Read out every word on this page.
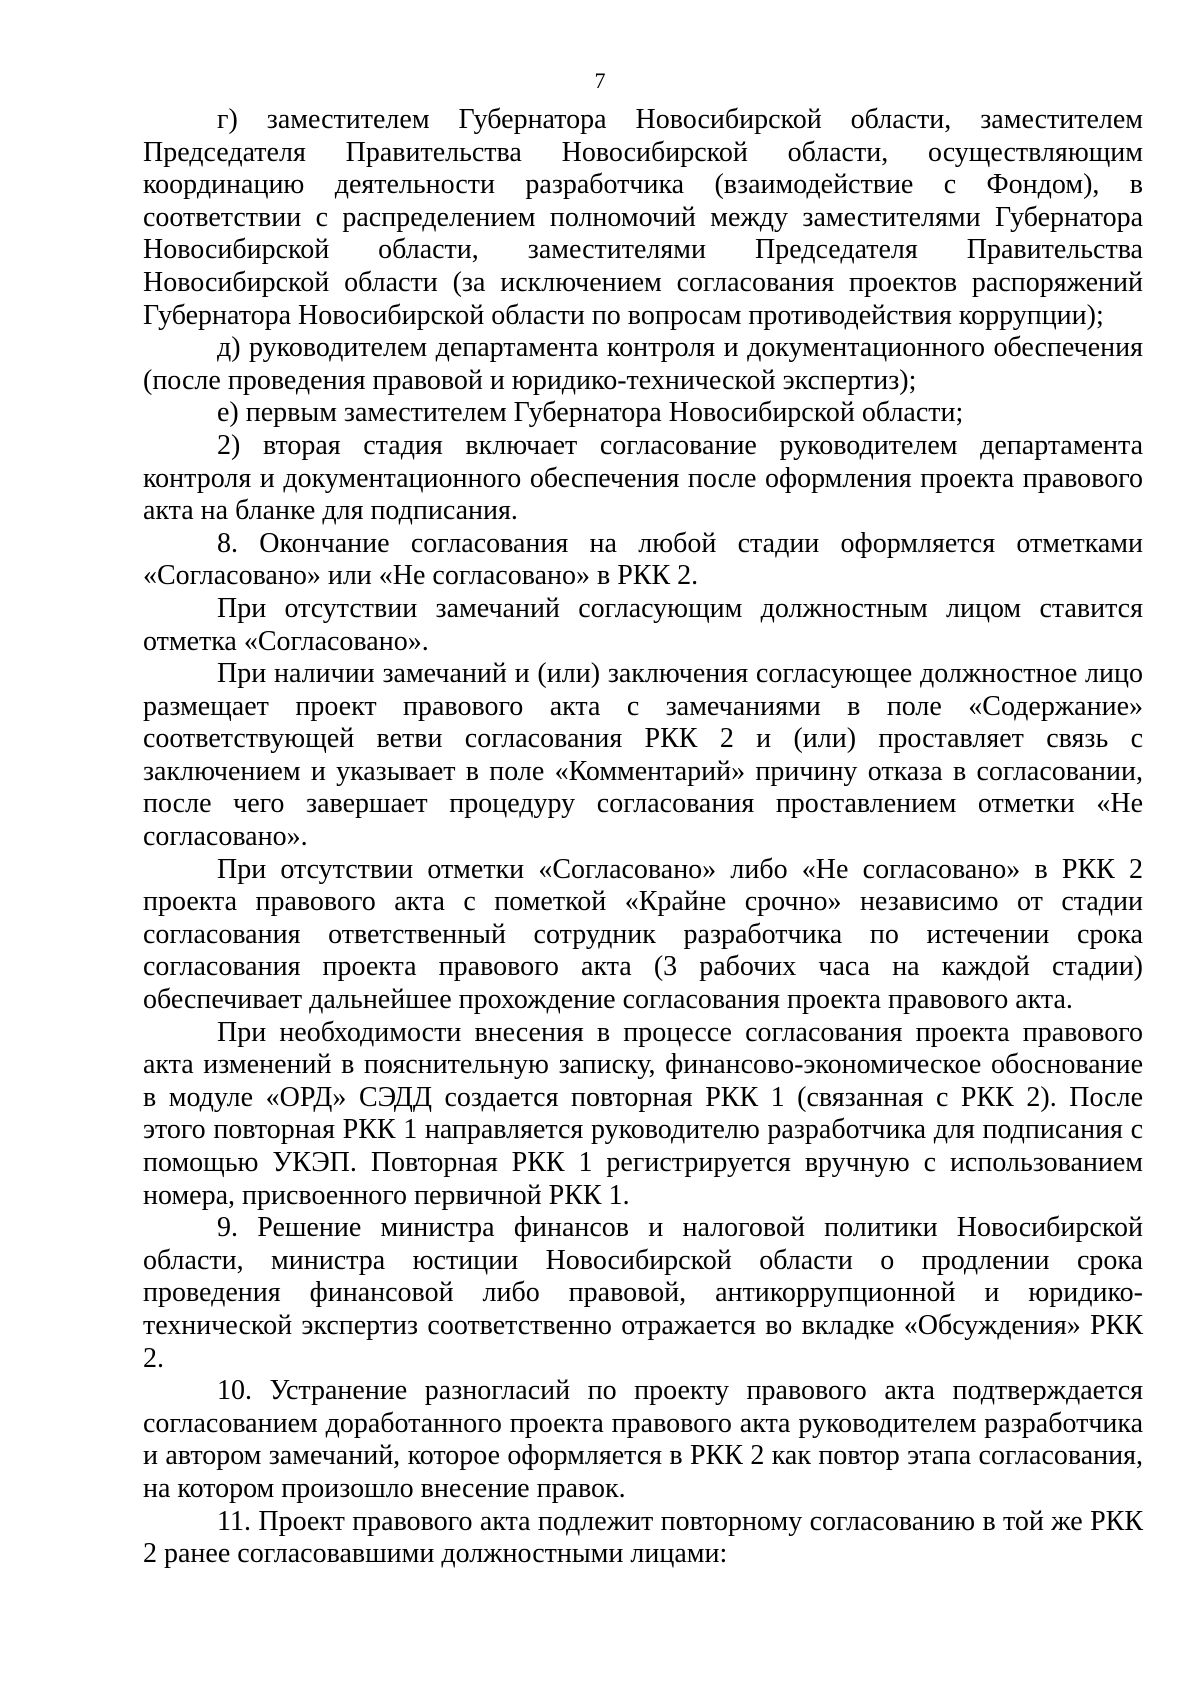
7

г) заместителем Губернатора Новосибирской области, заместителем Председателя Правительства Новосибирской области, осуществляющим координацию деятельности разработчика (взаимодействие с Фондом), в соответствии с распределением полномочий между заместителями Губернатора Новосибирской области, заместителями Председателя Правительства Новосибирской области (за исключением согласования проектов распоряжений Губернатора Новосибирской области по вопросам противодействия коррупции);

д) руководителем департамента контроля и документационного обеспечения (после проведения правовой и юридико-технической экспертиз);

е) первым заместителем Губернатора Новосибирской области;

2) вторая стадия включает согласование руководителем департамента контроля и документационного обеспечения после оформления проекта правового акта на бланке для подписания.

8. Окончание согласования на любой стадии оформляется отметками «Согласовано» или «Не согласовано» в РКК 2.

При отсутствии замечаний согласующим должностным лицом ставится отметка «Согласовано».

При наличии замечаний и (или) заключения согласующее должностное лицо размещает проект правового акта с замечаниями в поле «Содержание» соответствующей ветви согласования РКК 2 и (или) проставляет связь с заключением и указывает в поле «Комментарий» причину отказа в согласовании, после чего завершает процедуру согласования проставлением отметки «Не согласовано».

При отсутствии отметки «Согласовано» либо «Не согласовано» в РКК 2 проекта правового акта с пометкой «Крайне срочно» независимо от стадии согласования ответственный сотрудник разработчика по истечении срока согласования проекта правового акта (3 рабочих часа на каждой стадии) обеспечивает дальнейшее прохождение согласования проекта правового акта.

При необходимости внесения в процессе согласования проекта правового акта изменений в пояснительную записку, финансово-экономическое обоснование в модуле «ОРД» СЭДД создается повторная РКК 1 (связанная с РКК 2). После этого повторная РКК 1 направляется руководителю разработчика для подписания с помощью УКЭП. Повторная РКК 1 регистрируется вручную с использованием номера, присвоенного первичной РКК 1.

9. Решение министра финансов и налоговой политики Новосибирской области, министра юстиции Новосибирской области о продлении срока проведения финансовой либо правовой, антикоррупционной и юридико-технической экспертиз соответственно отражается во вкладке «Обсуждения» РКК 2.

10. Устранение разногласий по проекту правового акта подтверждается согласованием доработанного проекта правового акта руководителем разработчика и автором замечаний, которое оформляется в РКК 2 как повтор этапа согласования, на котором произошло внесение правок.

11. Проект правового акта подлежит повторному согласованию в той же РКК 2 ранее согласовавшими должностными лицами:
